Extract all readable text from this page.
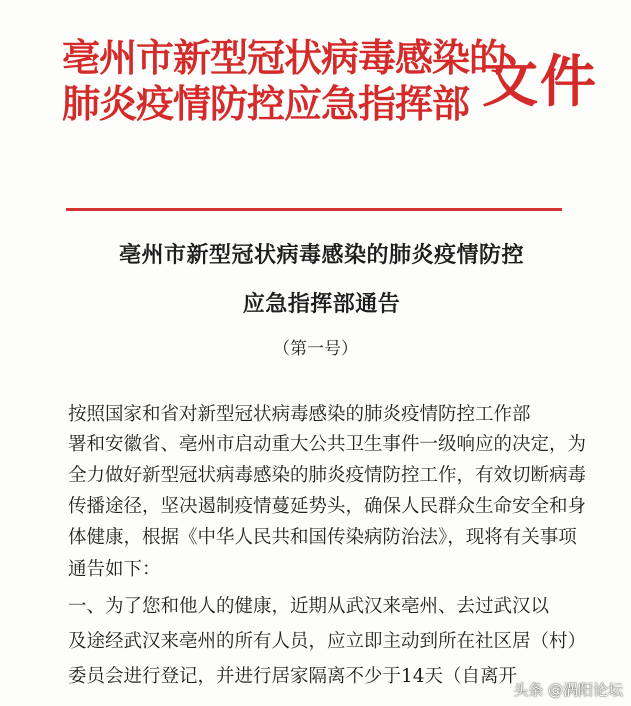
亳州市新型冠状病毒感染的
肺炎疫情防控应急指挥部 文件
亳州市新型冠状病毒感染的肺炎疫情防控
应急指挥部通告
（第一号）
按照国家和省对新型冠状病毒感染的肺炎疫情防控工作部
署和安徽省、亳州市启动重大公共卫生事件一级响应的决定，为
全力做好新型冠状病毒感染的肺炎疫情防控工作，有效切断病毒
传播途径，坚决遏制疫情蔓延势头，确保人民群众生命安全和身
体健康，根据《中华人民共和国传染病防治法》，现将有关事项
通告如下：
一、为了您和他人的健康，近期从武汉来亳州、去过武汉以
及途经武汉来亳州的所有人员，应立即主动到所在社区居（村）
委员会进行登记，并进行居家隔离不少于14天（自离开
头条 @涡阳论坛
